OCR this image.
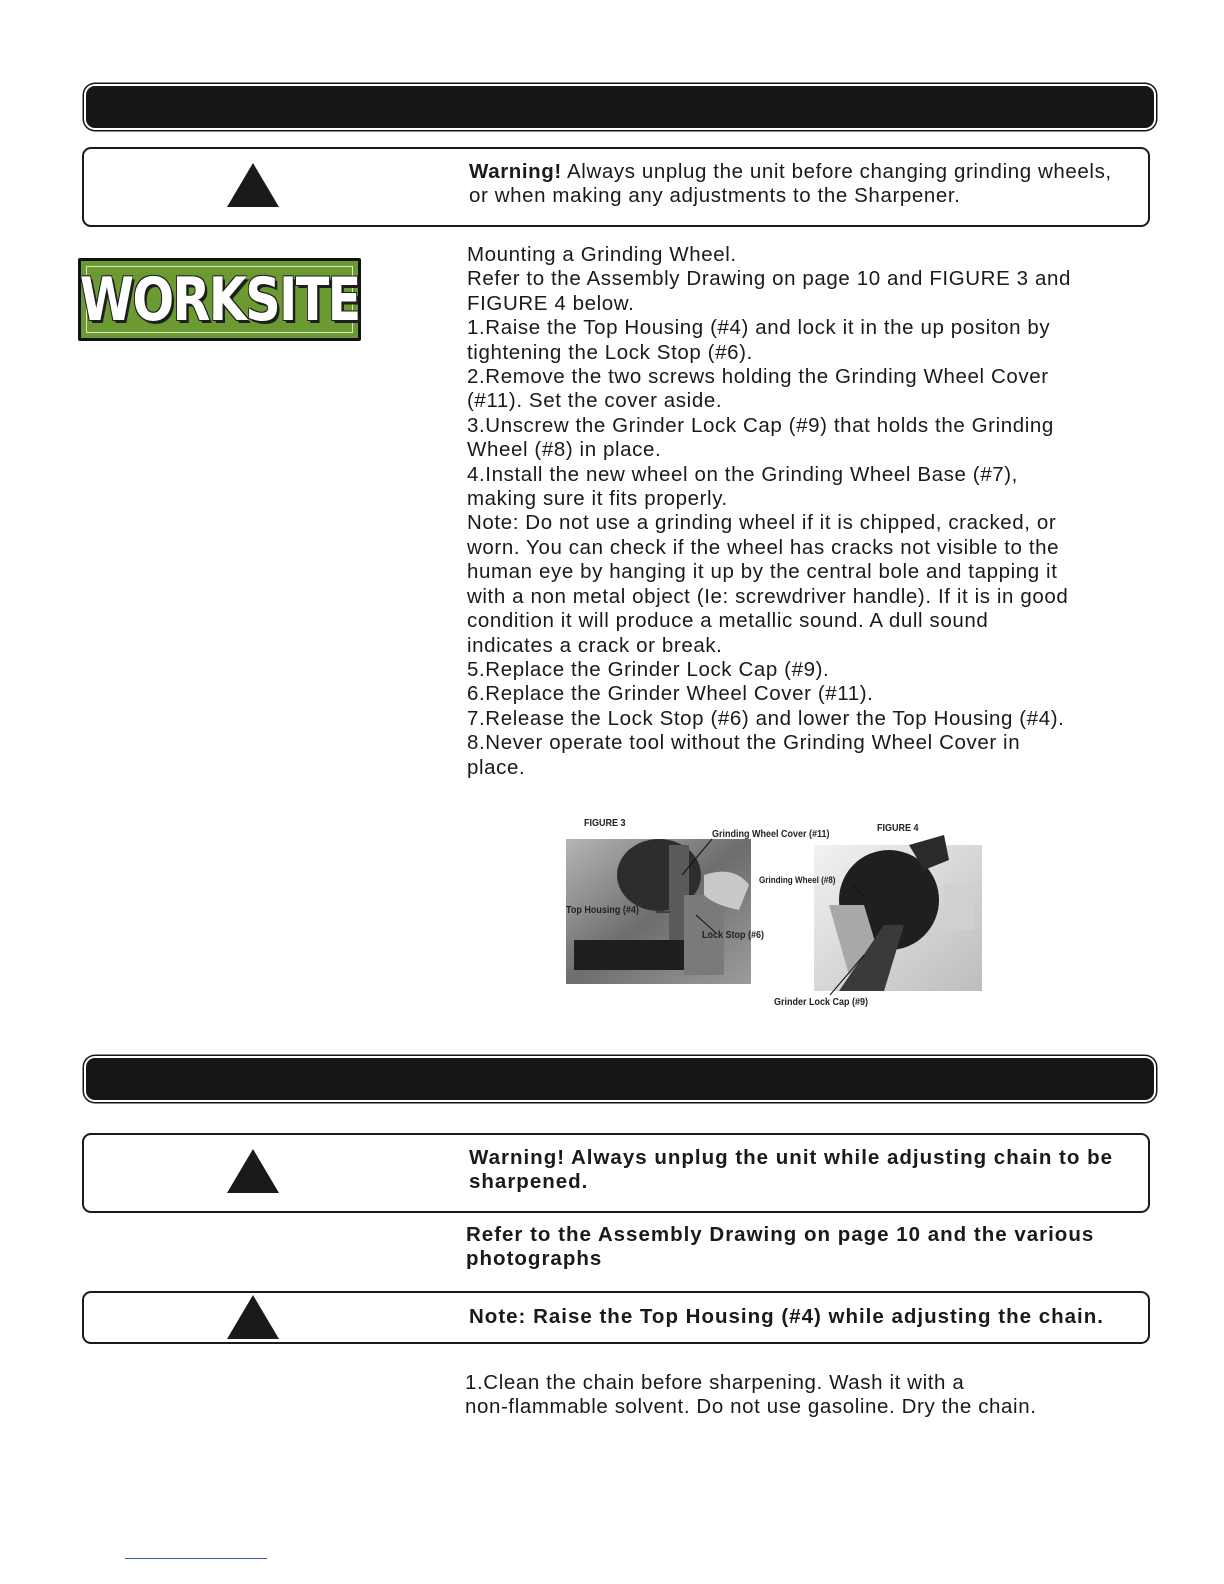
Warning! Always unplug the unit before changing grinding wheels, or when making any adjustments to the Sharpener.
WORKSITE
Mounting a Grinding Wheel.
Refer to the Assembly Drawing on page 10 and FIGURE 3 and
FIGURE 4 below.
1.Raise the Top Housing (#4) and lock it in the up positon by
tightening the Lock Stop (#6).
2.Remove the two screws holding the Grinding Wheel Cover
(#11). Set the cover aside.
3.Unscrew the Grinder Lock Cap (#9) that holds the Grinding
Wheel (#8) in place.
4.Install the new wheel on the Grinding Wheel Base (#7),
making sure it fits properly.
Note: Do not use a grinding wheel if it is chipped, cracked, or
worn. You can check if the wheel has cracks not visible to the
human eye by hanging it up by the central bole and tapping it
with a non metal object (Ie: screwdriver handle). If it is in good
condition it will produce a metallic sound. A dull sound
indicates a crack or break.
5.Replace the Grinder Lock Cap (#9).
6.Replace the Grinder Wheel Cover (#11).
7.Release the Lock Stop (#6) and lower the Top Housing (#4).
8.Never operate tool without the Grinding Wheel Cover in
place.
FIGURE 3
Grinding Wheel Cover (#11)
FIGURE 4
Grinding Wheel (#8)
Top Housing (#4)
Lock Stop (#6)
Grinder Lock Cap (#9)
Warning! Always unplug the unit while adjusting chain to be sharpened.
Refer to the Assembly Drawing on page 10 and the various photographs
Note: Raise the Top Housing (#4) while adjusting the chain.
1.Clean the chain before sharpening. Wash it with a
non-flammable solvent. Do not use gasoline. Dry the chain.
